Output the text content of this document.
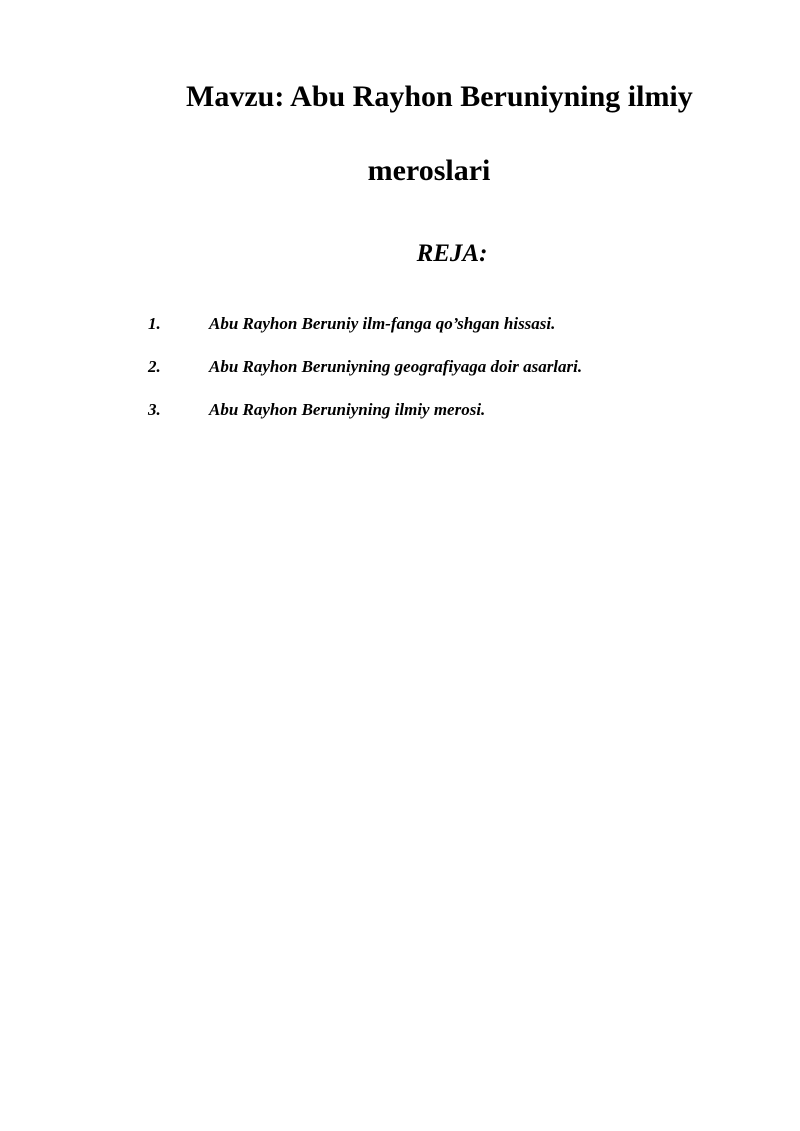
Mavzu: Abu Rayhon Beruniyning ilmiy
meroslari
REJA:
1.	Abu Rayhon Beruniy ilm-fanga qo’shgan hissasi.
2.	Abu Rayhon Beruniyning geografiyaga doir asarlari.
3.	Abu Rayhon Beruniyning ilmiy merosi.
